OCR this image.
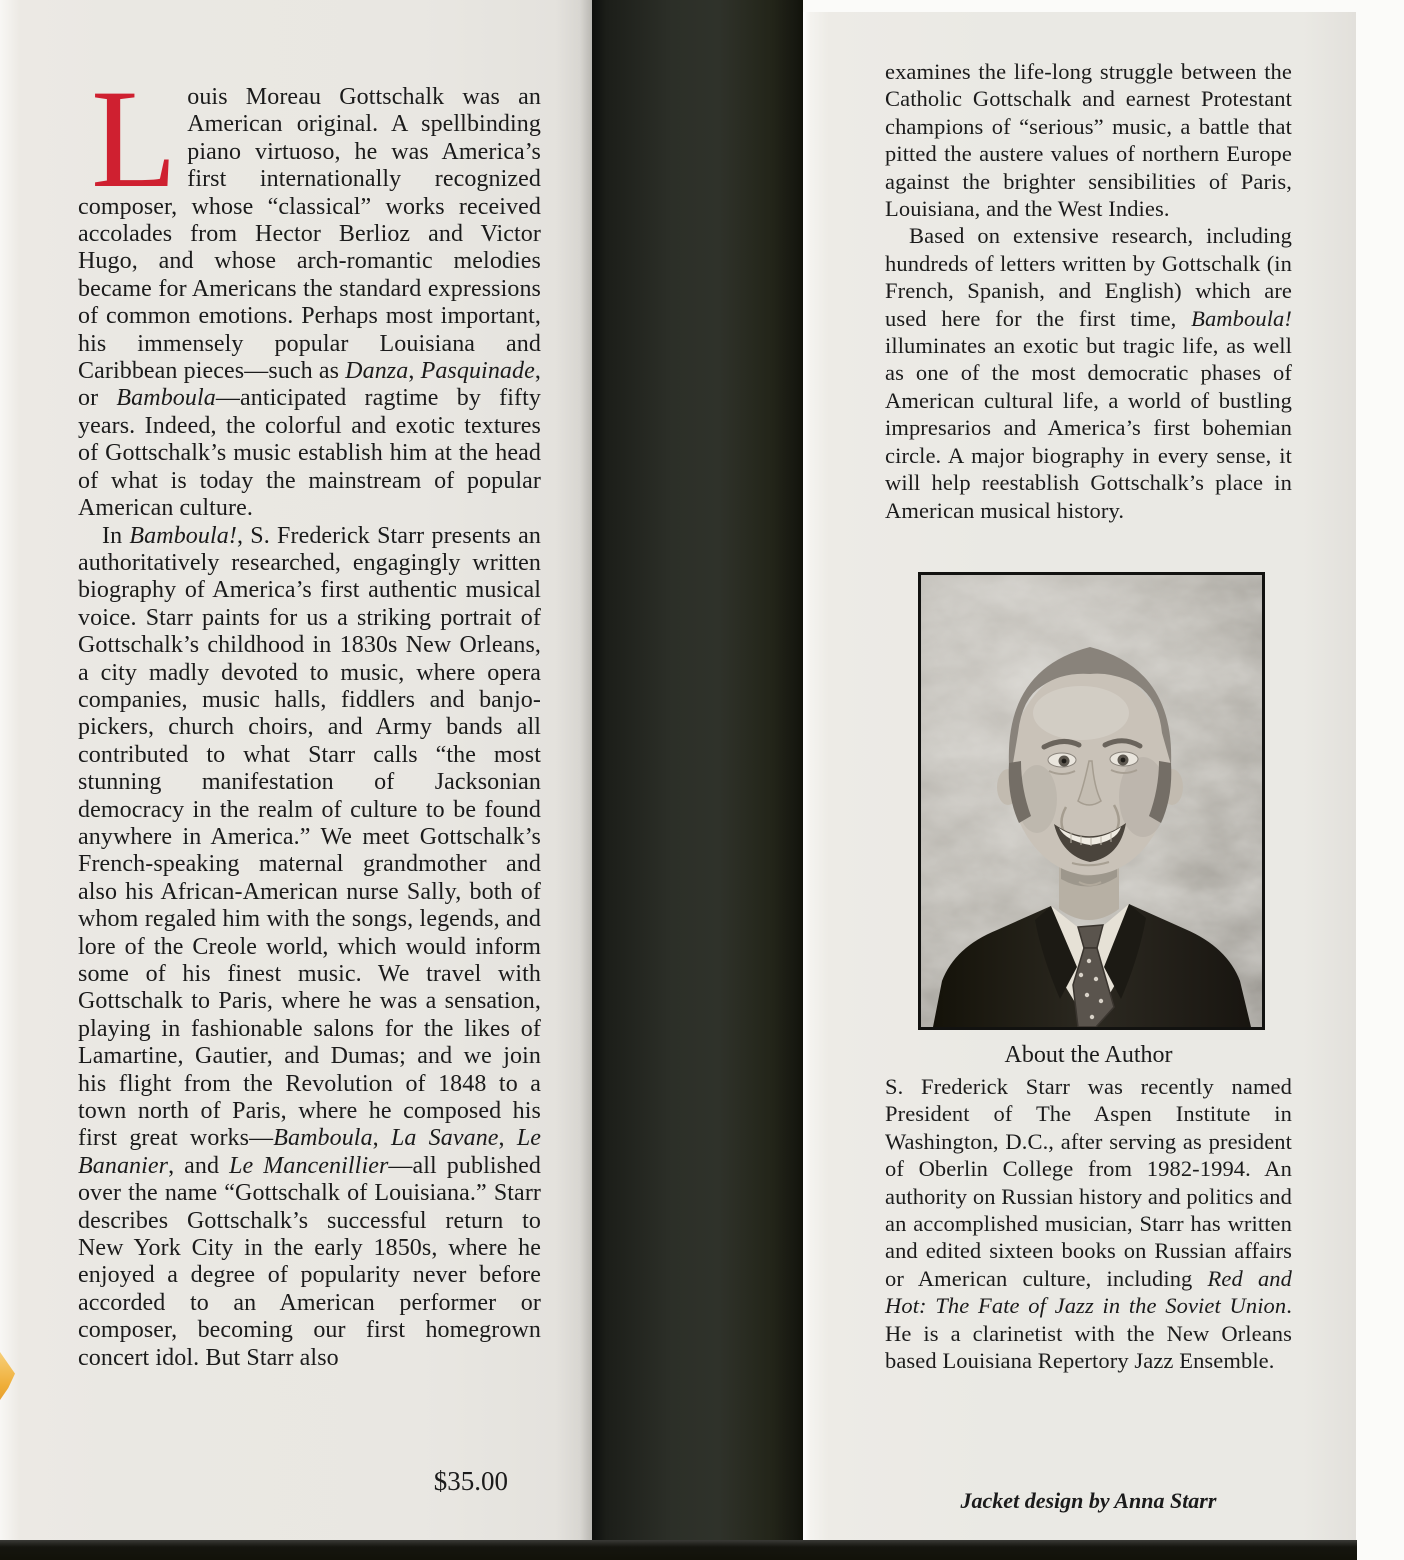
Louis Moreau Gottschalk was an American original. A spellbinding piano virtuoso, he was America’s first internationally recognized composer, whose “classical” works received accolades from Hector Berlioz and Victor Hugo, and whose arch-romantic melodies became for Americans the standard expressions of common emotions. Perhaps most important, his immensely popular Louisiana and Caribbean pieces—such as Danza, Pasquinade, or Bamboula—anticipated ragtime by fifty years. Indeed, the colorful and exotic textures of Gottschalk’s music establish him at the head of what is today the mainstream of popular American culture.

In Bamboula!, S. Frederick Starr presents an authoritatively researched, engagingly written biography of America’s first authentic musical voice. Starr paints for us a striking portrait of Gottschalk’s childhood in 1830s New Orleans, a city madly devoted to music, where opera companies, music halls, fiddlers and banjo-pickers, church choirs, and Army bands all contributed to what Starr calls “the most stunning manifestation of Jacksonian democracy in the realm of culture to be found anywhere in America.” We meet Gottschalk’s French-speaking maternal grandmother and also his African-American nurse Sally, both of whom regaled him with the songs, legends, and lore of the Creole world, which would inform some of his finest music. We travel with Gottschalk to Paris, where he was a sensation, playing in fashionable salons for the likes of Lamartine, Gautier, and Dumas; and we join his flight from the Revolution of 1848 to a town north of Paris, where he composed his first great works—Bamboula, La Savane, Le Bananier, and Le Mancenillier—all published over the name “Gottschalk of Louisiana.” Starr describes Gottschalk’s successful return to New York City in the early 1850s, where he enjoyed a degree of popularity never before accorded to an American performer or composer, becoming our first homegrown concert idol. But Starr also

$35.00

examines the life-long struggle between the Catholic Gottschalk and earnest Protestant champions of “serious” music, a battle that pitted the austere values of northern Europe against the brighter sensibilities of Paris, Louisiana, and the West Indies.

Based on extensive research, including hundreds of letters written by Gottschalk (in French, Spanish, and English) which are used here for the first time, Bamboula! illuminates an exotic but tragic life, as well as one of the most democratic phases of American cultural life, a world of bustling impresarios and America’s first bohemian circle. A major biography in every sense, it will help reestablish Gottschalk’s place in American musical history.

About the Author

S. Frederick Starr was recently named President of The Aspen Institute in Washington, D.C., after serving as president of Oberlin College from 1982-1994. An authority on Russian history and politics and an accomplished musician, Starr has written and edited sixteen books on Russian affairs or American culture, including Red and Hot: The Fate of Jazz in the Soviet Union. He is a clarinetist with the New Orleans based Louisiana Repertory Jazz Ensemble.

Jacket design by Anna Starr
